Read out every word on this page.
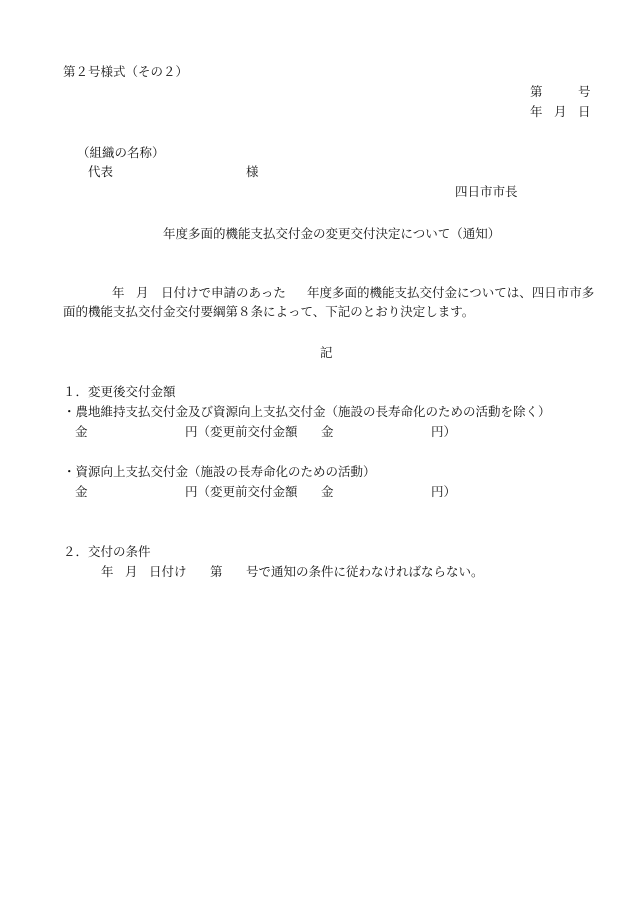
第２号様式（その２）
第	号
年 月 日
（組織の名称）
代表	様
四日市市長
年度多面的機能支払交付金の変更交付決定について（通知）
年 月 日付けで申請のあった 年度多面的機能支払交付金については、四日市市多
面的機能支払交付金交付要綱第８条によって、下記のとおり決定します。
記
１．変更後交付金額
・農地維持支払交付金及び資源向上支払交付金（施設の長寿命化のための活動を除く）
金	円（変更前交付金額 金	円）
・資源向上支払交付金（施設の長寿命化のための活動）
金	円（変更前交付金額 金	円）
２．交付の条件
年 月 日付け 第 号で通知の条件に従わなければならない。
